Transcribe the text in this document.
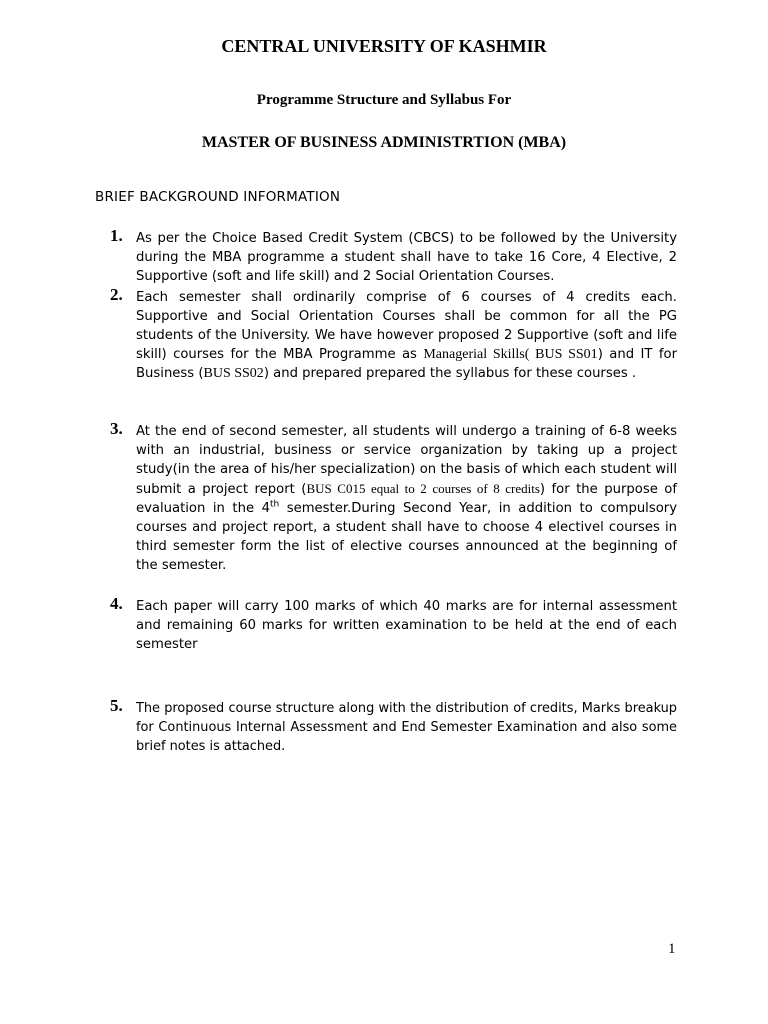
CENTRAL UNIVERSITY OF KASHMIR
Programme Structure and Syllabus For
MASTER OF BUSINESS ADMINISTRTION (MBA)
BRIEF BACKGROUND INFORMATION
1. As per the Choice Based Credit System (CBCS) to be followed by the University during the MBA programme a student shall have to take 16 Core, 4 Elective, 2 Supportive (soft and life skill) and 2 Social Orientation Courses.
2. Each semester shall ordinarily comprise of 6 courses of 4 credits each. Supportive and Social Orientation Courses shall be common for all the PG students of the University. We have however proposed 2 Supportive (soft and life skill) courses for the MBA Programme as Managerial Skills( BUS SS01) and IT for Business (BUS SS02) and prepared prepared the syllabus for these courses .
3. At the end of second semester, all students will undergo a training of 6-8 weeks with an industrial, business or service organization by taking up a project study(in the area of his/her specialization) on the basis of which each student will submit a project report (BUS C015 equal to 2 courses of 8 credits) for the purpose of evaluation in the 4th semester.During Second Year, in addition to compulsory courses and project report, a student shall have to choose 4 electivel courses in third semester form the list of elective courses announced at the beginning of the semester.
4. Each paper will carry 100 marks of which 40 marks are for internal assessment and remaining 60 marks for written examination to be held at the end of each semester
5. The proposed course structure along with the distribution of credits, Marks breakup for Continuous Internal Assessment and End Semester Examination and also some brief notes is attached.
1
